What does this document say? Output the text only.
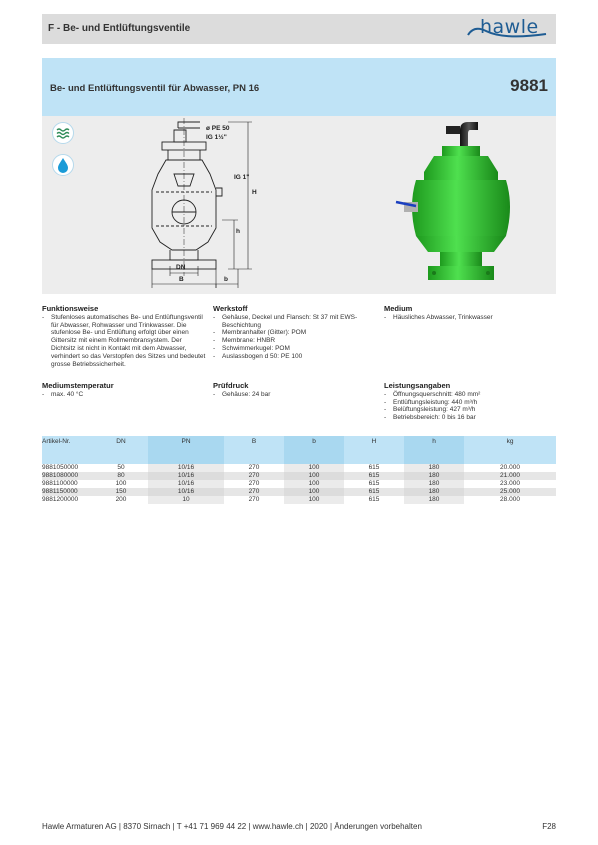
F - Be- und Entlüftungsventile	hawle
Be- und Entlüftungsventil für Abwasser, PN 16	9881
ø PE 50
IG 1½"
IG 1"
H
h
DN
B	b
Funktionsweise
- Stufenloses automatisches Be- und Entlüftungsventil für Abwasser, Rohwasser und Trinkwasser. Die stufenlose Be- und Entlüftung erfolgt über einen Gittersitz mit einem Rollmembransystem. Der Dichtsitz ist nicht in Kontakt mit dem Abwasser, verhindert so das Verstopfen des Sitzes und bedeutet grosse Betriebssicherheit.
Werkstoff
- Gehäuse, Deckel und Flansch: St 37 mit EWS-Beschichtung
- Membranhalter (Gitter): POM
- Membrane: HNBR
- Schwimmerkugel: POM
- Auslassbogen d 50: PE 100
Medium
- Häusliches Abwasser, Trinkwasser
Mediumstemperatur
- max. 40 °C
Prüfdruck
- Gehäuse: 24 bar
Leistungsangaben
- Öffnungsquerschnitt: 480 mm²
- Entlüftungsleistung: 440 m³/h
- Belüftungsleistung: 427 m³/h
- Betriebsbereich: 0 bis 16 bar
Artikel-Nr.	DN	PN	B	b	H	h	kg
9881050000	50	10/16	270	100	615	180	20.000
9881080000	80	10/16	270	100	615	180	21.000
9881100000	100	10/16	270	100	615	180	23.000
9881150000	150	10/16	270	100	615	180	25.000
9881200000	200	10	270	100	615	180	28.000
Hawle Armaturen AG | 8370 Sirnach | T +41 71 969 44 22 | www.hawle.ch | 2020 | Änderungen vorbehalten	F28
